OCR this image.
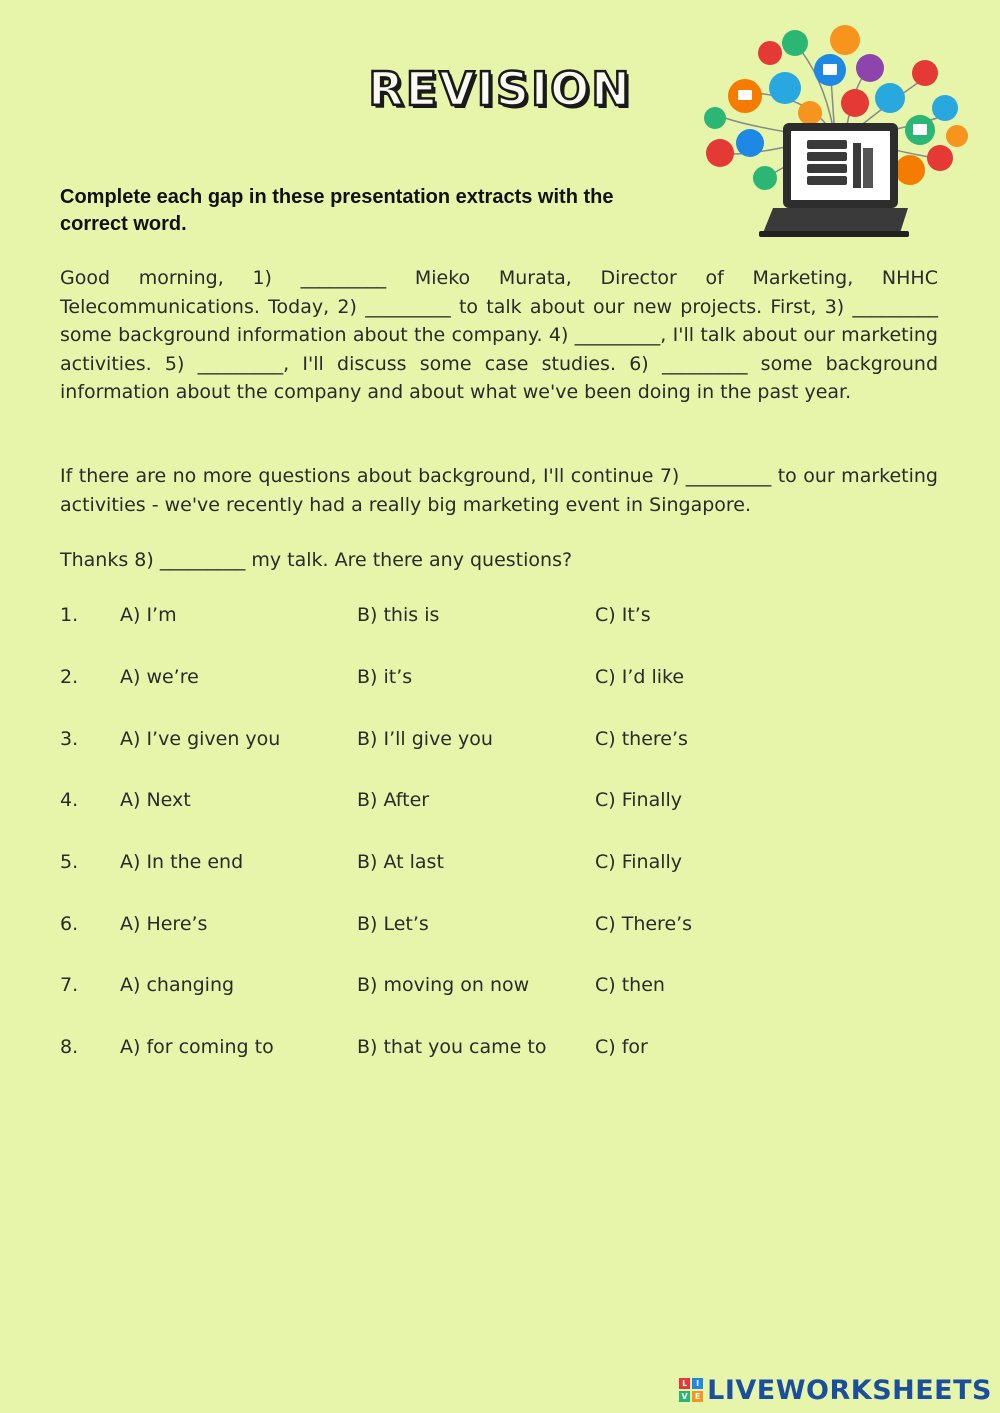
REVISION
Complete each gap in these presentation extracts with the correct word.

Good morning, 1) _________ Mieko Murata, Director of Marketing, NHHC Telecommunications. Today, 2) _________ to talk about our new projects. First, 3) _________ some background information about the company. 4) _________, I'll talk about our marketing activities. 5) _________, I'll discuss some case studies. 6) _________ some background information about the company and about what we've been doing in the past year.

If there are no more questions about background, I'll continue 7) _________ to our marketing activities - we've recently had a really big marketing event in Singapore.

Thanks 8) _________ my talk. Are there any questions?

1. A) I’m	B) this is	C) It’s
2. A) we’re	B) it’s	C) I’d like
3. A) I’ve given you	B) I’ll give you	C) there’s
4. A) Next	B) After	C) Finally
5. A) In the end	B) At last	C) Finally
6. A) Here’s	B) Let’s	C) There’s
7. A) changing	B) moving on now	C) then
8. A) for coming to	B) that you came to	C) for
L	I
V E LIVEWORKSHEETS
